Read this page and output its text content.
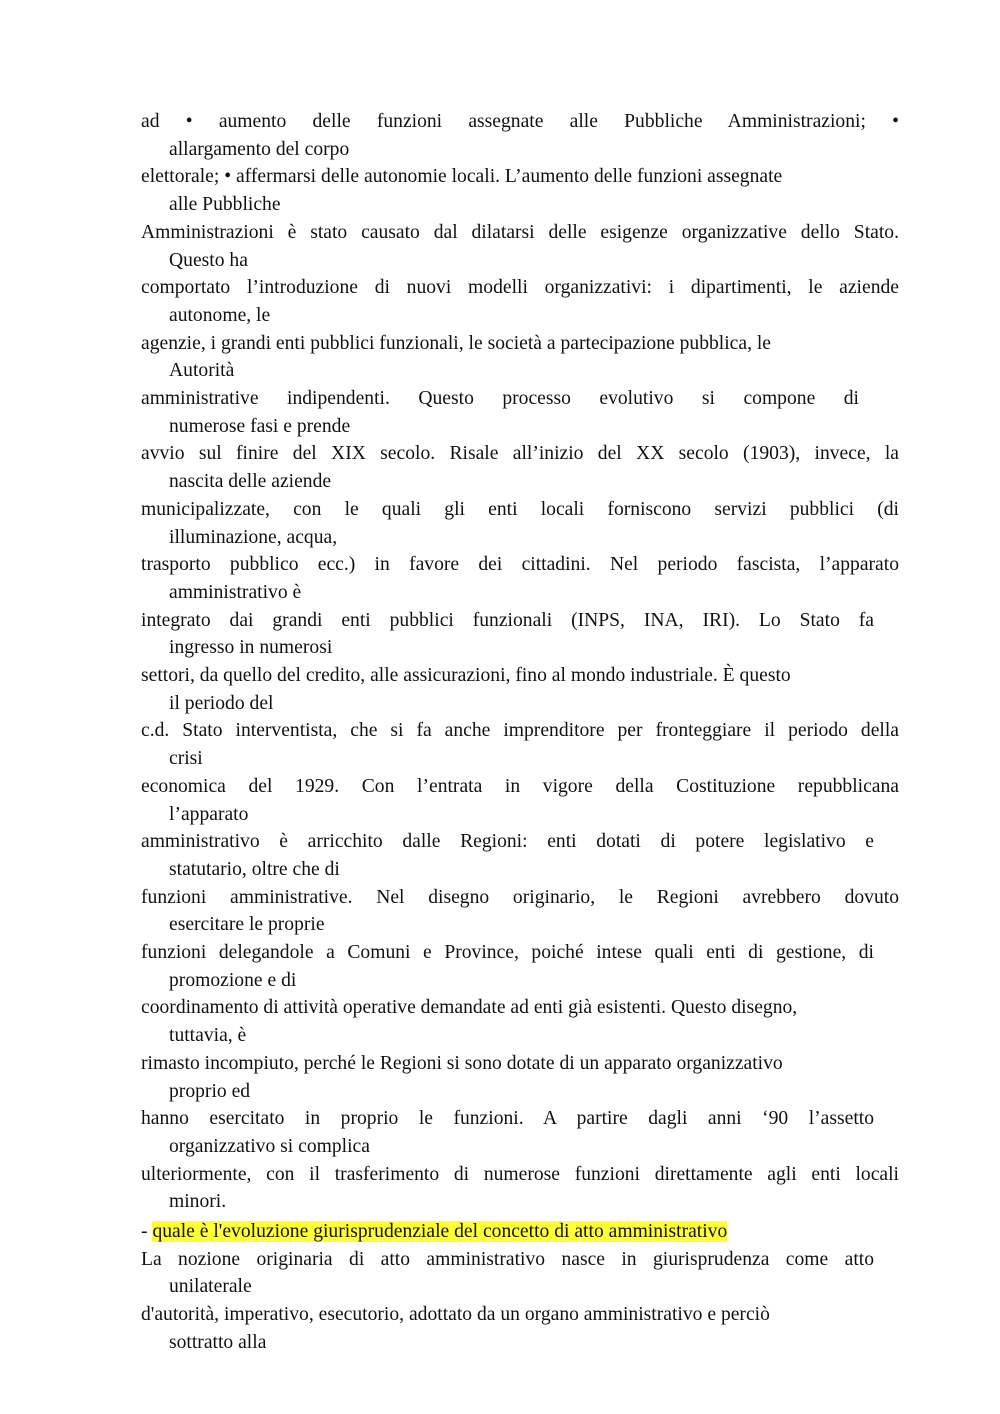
ad • aumento delle funzioni assegnate alle Pubbliche Amministrazioni; •
allargamento del corpo
elettorale; • affermarsi delle autonomie locali. L’aumento delle funzioni assegnate
alle Pubbliche
Amministrazioni è stato causato dal dilatarsi delle esigenze organizzative dello Stato.
Questo ha
comportato l’introduzione di nuovi modelli organizzativi: i dipartimenti, le aziende
autonome, le
agenzie, i grandi enti pubblici funzionali, le società a partecipazione pubblica, le
Autorità
amministrative indipendenti. Questo processo evolutivo si compone di
numerose fasi e prende
avvio sul finire del XIX secolo. Risale all’inizio del XX secolo (1903), invece, la
nascita delle aziende
municipalizzate, con le quali gli enti locali forniscono servizi pubblici (di
illuminazione, acqua,
trasporto pubblico ecc.) in favore dei cittadini. Nel periodo fascista, l’apparato
amministrativo è
integrato dai grandi enti pubblici funzionali (INPS, INA, IRI). Lo Stato fa
ingresso in numerosi
settori, da quello del credito, alle assicurazioni, fino al mondo industriale. È questo
il periodo del
c.d. Stato interventista, che si fa anche imprenditore per fronteggiare il periodo della
crisi
economica del 1929. Con l’entrata in vigore della Costituzione repubblicana
l’apparato
amministrativo è arricchito dalle Regioni: enti dotati di potere legislativo e
statutario, oltre che di
funzioni amministrative. Nel disegno originario, le Regioni avrebbero dovuto
esercitare le proprie
funzioni delegandole a Comuni e Province, poiché intese quali enti di gestione, di
promozione e di
coordinamento di attività operative demandate ad enti già esistenti. Questo disegno,
tuttavia, è
rimasto incompiuto, perché le Regioni si sono dotate di un apparato organizzativo
proprio ed
hanno esercitato in proprio le funzioni. A partire dagli anni ‘90 l’assetto
organizzativo si complica
ulteriormente, con il trasferimento di numerose funzioni direttamente agli enti locali
minori.
- quale è l'evoluzione giurisprudenziale del concetto di atto amministrativo
La nozione originaria di atto amministrativo nasce in giurisprudenza come atto
unilaterale
d'autorità, imperativo, esecutorio, adottato da un organo amministrativo e perciò
sottratto alla
